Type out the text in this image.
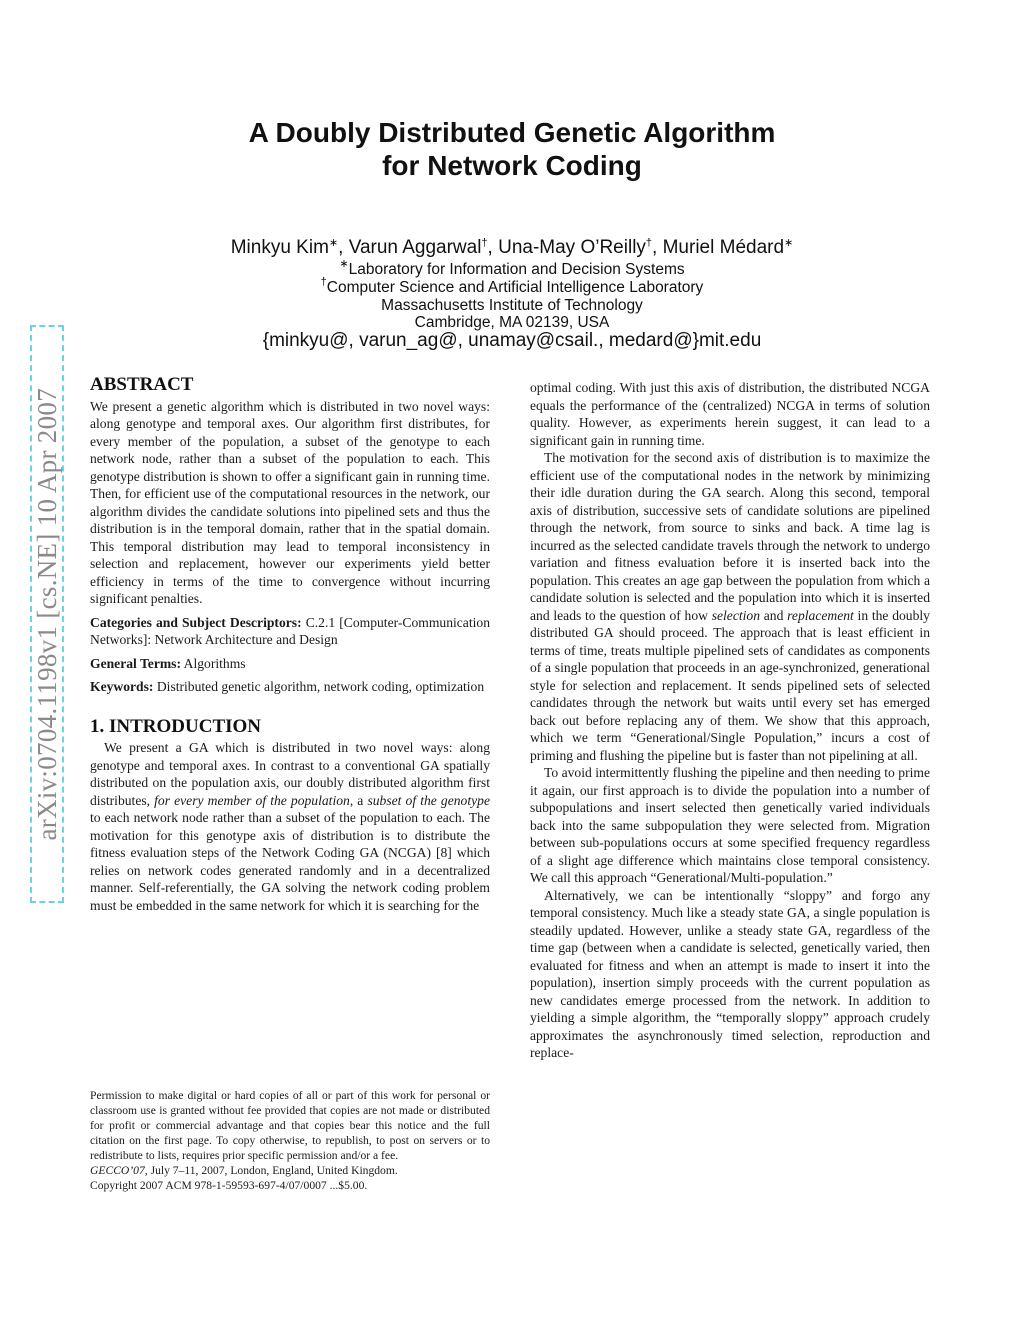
arXiv:0704.1198v1 [cs.NE] 10 Apr 2007
A Doubly Distributed Genetic Algorithm
for Network Coding
Minkyu Kim∗, Varun Aggarwal†, Una-May O’Reilly†, Muriel Médard∗
∗Laboratory for Information and Decision Systems
†Computer Science and Artificial Intelligence Laboratory
Massachusetts Institute of Technology
Cambridge, MA 02139, USA
{minkyu@, varun_ag@, unamay@csail., medard@}mit.edu

ABSTRACT

We present a genetic algorithm which is distributed in two novel ways: along genotype and temporal axes. Our algorithm first distributes, for every member of the population, a subset of the genotype to each network node, rather than a subset of the population to each. This genotype distribution is shown to offer a significant gain in running time. Then, for efficient use of the computational resources in the network, our algorithm divides the candidate solutions into pipelined sets and thus the distribution is in the temporal domain, rather that in the spatial domain. This temporal distribution may lead to temporal inconsistency in selection and replacement, however our experiments yield better efficiency in terms of the time to convergence without incurring significant penalties.

Categories and Subject Descriptors: C.2.1 [Computer-Communication Networks]: Network Architecture and Design

General Terms: Algorithms

Keywords: Distributed genetic algorithm, network coding, optimization

1. INTRODUCTION

We present a GA which is distributed in two novel ways: along genotype and temporal axes. In contrast to a conventional GA spatially distributed on the population axis, our doubly distributed algorithm first distributes, for every member of the population, a subset of the genotype to each network node rather than a subset of the population to each. The motivation for this genotype axis of distribution is to distribute the fitness evaluation steps of the Network Coding GA (NCGA) [8] which relies on network codes generated randomly and in a decentralized manner. Self-referentially, the GA solving the network coding problem must be embedded in the same network for which it is searching for the

Permission to make digital or hard copies of all or part of this work for personal or classroom use is granted without fee provided that copies are not made or distributed for profit or commercial advantage and that copies bear this notice and the full citation on the first page. To copy otherwise, to republish, to post on servers or to redistribute to lists, requires prior specific permission and/or a fee.

GECCO’07, July 7–11, 2007, London, England, United Kingdom.

Copyright 2007 ACM 978-1-59593-697-4/07/0007 ...$5.00.

optimal coding. With just this axis of distribution, the distributed NCGA equals the performance of the (centralized) NCGA in terms of solution quality. However, as experiments herein suggest, it can lead to a significant gain in running time.

The motivation for the second axis of distribution is to maximize the efficient use of the computational nodes in the network by minimizing their idle duration during the GA search. Along this second, temporal axis of distribution, successive sets of candidate solutions are pipelined through the network, from source to sinks and back. A time lag is incurred as the selected candidate travels through the network to undergo variation and fitness evaluation before it is inserted back into the population. This creates an age gap between the population from which a candidate solution is selected and the population into which it is inserted and leads to the question of how selection and replacement in the doubly distributed GA should proceed. The approach that is least efficient in terms of time, treats multiple pipelined sets of candidates as components of a single population that proceeds in an age-synchronized, generational style for selection and replacement. It sends pipelined sets of selected candidates through the network but waits until every set has emerged back out before replacing any of them. We show that this approach, which we term “Generational/Single Population,” incurs a cost of priming and flushing the pipeline but is faster than not pipelining at all.

To avoid intermittently flushing the pipeline and then needing to prime it again, our first approach is to divide the population into a number of subpopulations and insert selected then genetically varied individuals back into the same subpopulation they were selected from. Migration between sub-populations occurs at some specified frequency regardless of a slight age difference which maintains close temporal consistency. We call this approach “Generational/Multi-population.”

Alternatively, we can be intentionally “sloppy” and forgo any temporal consistency. Much like a steady state GA, a single population is steadily updated. However, unlike a steady state GA, regardless of the time gap (between when a candidate is selected, genetically varied, then evaluated for fitness and when an attempt is made to insert it into the population), insertion simply proceeds with the current population as new candidates emerge processed from the network. In addition to yielding a simple algorithm, the “temporally sloppy” approach crudely approximates the asynchronously timed selection, reproduction and replace-
